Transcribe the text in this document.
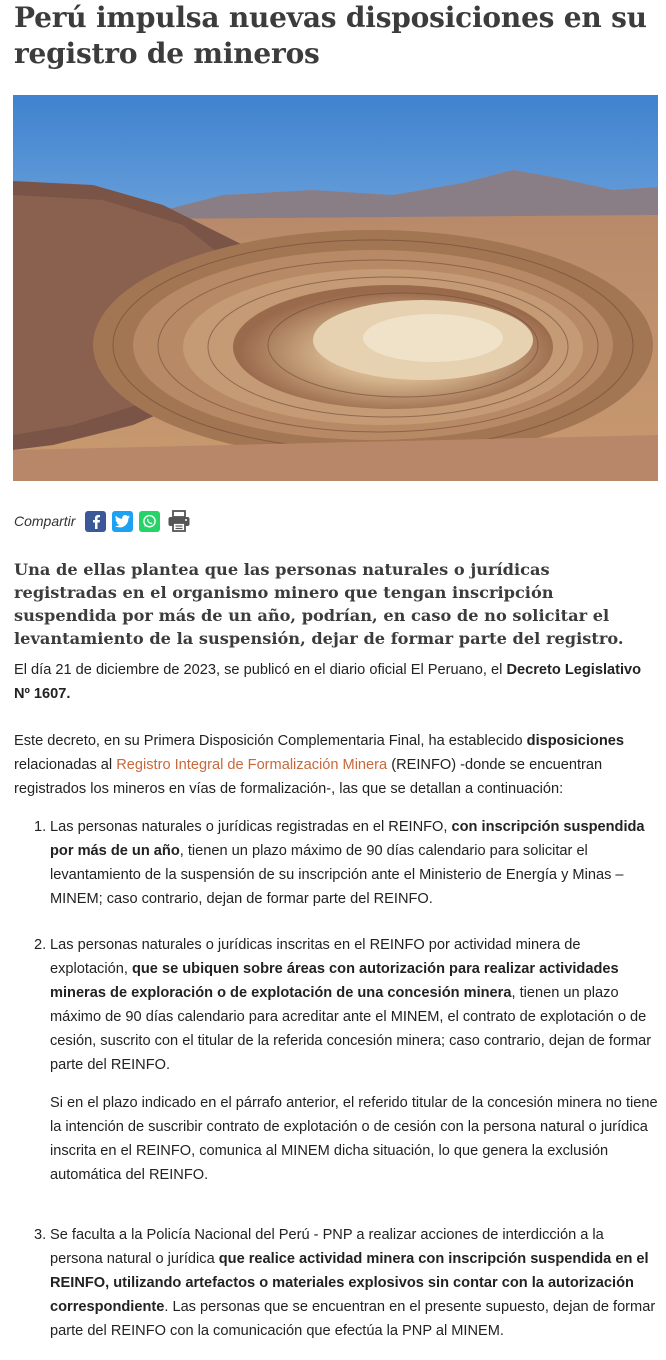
Perú impulsa nuevas disposiciones en su registro de mineros
Compartir

Una de ellas plantea que las personas naturales o jurídicas registradas en el organismo minero que tengan inscripción suspendida por más de un año, podrían, en caso de no solicitar el levantamiento de la suspensión, dejar de formar parte del registro.

El día 21 de diciembre de 2023, se publicó en el diario oficial El Peruano, el Decreto Legislativo Nº 1607.

Este decreto, en su Primera Disposición Complementaria Final, ha establecido disposiciones relacionadas al Registro Integral de Formalización Minera (REINFO) -donde se encuentran registrados los mineros en vías de formalización-, las que se detallan a continuación:

1. Las personas naturales o jurídicas registradas en el REINFO, con inscripción suspendida por más de un año, tienen un plazo máximo de 90 días calendario para solicitar el levantamiento de la suspensión de su inscripción ante el Ministerio de Energía y Minas – MINEM; caso contrario, dejan de formar parte del REINFO.
2. Las personas naturales o jurídicas inscritas en el REINFO por actividad minera de explotación, que se ubiquen sobre áreas con autorización para realizar actividades mineras de exploración o de explotación de una concesión minera, tienen un plazo máximo de 90 días calendario para acreditar ante el MINEM, el contrato de explotación o de cesión, suscrito con el titular de la referida concesión minera; caso contrario, dejan de formar parte del REINFO.
Si en el plazo indicado en el párrafo anterior, el referido titular de la concesión minera no tiene la intención de suscribir contrato de explotación o de cesión con la persona natural o jurídica inscrita en el REINFO, comunica al MINEM dicha situación, lo que genera la exclusión automática del REINFO.
3. Se faculta a la Policía Nacional del Perú - PNP a realizar acciones de interdicción a la persona natural o jurídica que realice actividad minera con inscripción suspendida en el REINFO, utilizando artefactos o materiales explosivos sin contar con la autorización correspondiente. Las personas que se encuentran en el presente supuesto, dejan de formar parte del REINFO con la comunicación que efectúa la PNP al MINEM.
